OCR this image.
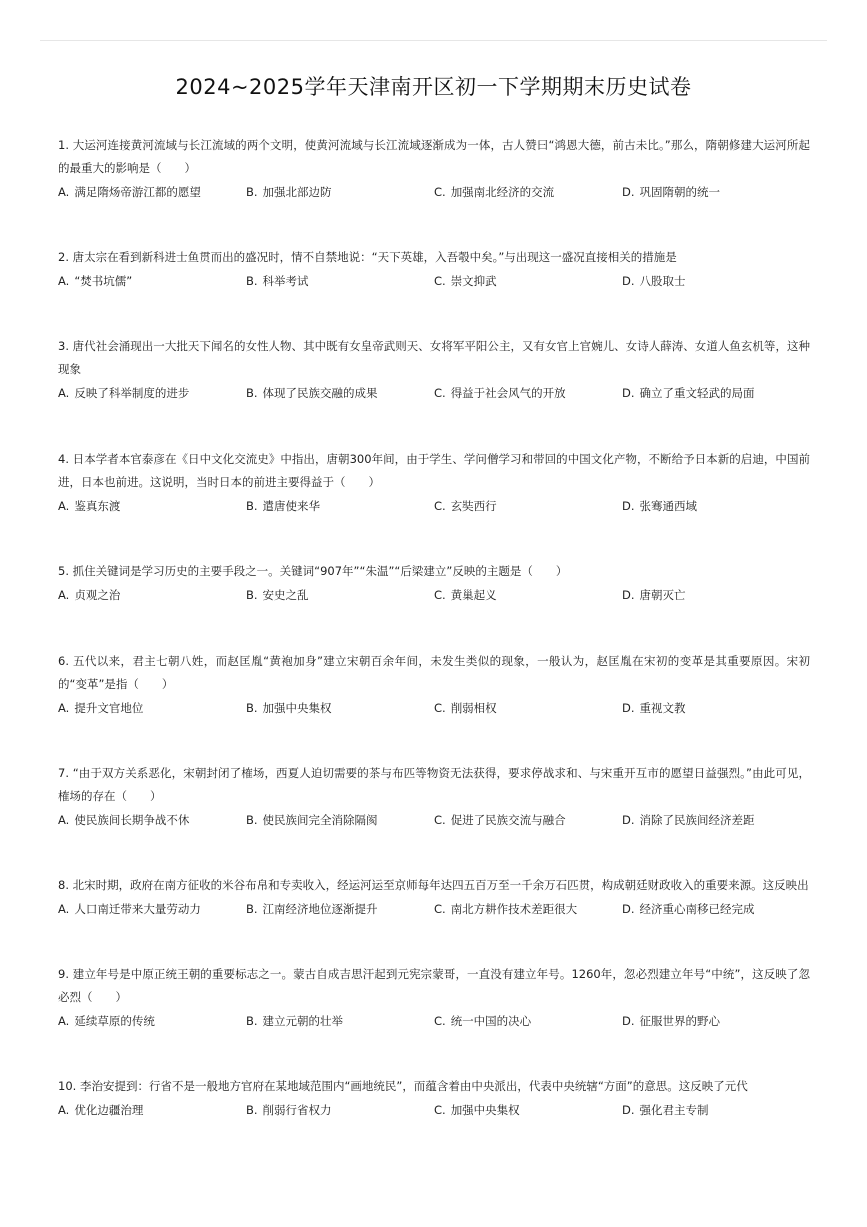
2024~2025学年天津南开区初一下学期期末历史试卷

1. 大运河连接黄河流域与长江流域的两个文明，使黄河流域与长江流域逐渐成为一体，古人赞曰“鸿恩大德，前古未比。”那么，隋朝修建大运河所起的最重大的影响是（　　）

A. 满足隋炀帝游江都的愿望	B. 加强北部边防	C. 加强南北经济的交流	D. 巩固隋朝的统一

2. 唐太宗在看到新科进士鱼贯而出的盛况时，情不自禁地说：“天下英雄，入吾彀中矣。”与出现这一盛况直接相关的措施是

A. “焚书坑儒”	B. 科举考试	C. 崇文抑武	D. 八股取士

3. 唐代社会涌现出一大批天下闻名的女性人物、其中既有女皇帝武则天、女将军平阳公主，又有女官上官婉儿、女诗人薛涛、女道人鱼玄机等，这种现象

A. 反映了科举制度的进步	B. 体现了民族交融的成果	C. 得益于社会风气的开放	D. 确立了重文轻武的局面

4. 日本学者本官泰彦在《日中文化交流史》中指出，唐朝300年间，由于学生、学问僧学习和带回的中国文化产物，不断给予日本新的启迪，中国前进，日本也前进。这说明，当时日本的前进主要得益于（　　）

A. 鉴真东渡	B. 遣唐使来华	C. 玄奘西行	D. 张骞通西域

5. 抓住关键词是学习历史的主要手段之一。关键词“907年”“朱温”“后梁建立”反映的主题是（　　）

A. 贞观之治	B. 安史之乱	C. 黄巢起义	D. 唐朝灭亡

6. 五代以来，君主七朝八姓，而赵匡胤“黄袍加身”建立宋朝百余年间，未发生类似的现象，一般认为，赵匡胤在宋初的变革是其重要原因。宋初的“变革”是指（　　）

A. 提升文官地位	B. 加强中央集权	C. 削弱相权	D. 重视文教

7. “由于双方关系恶化，宋朝封闭了榷场，西夏人迫切需要的茶与布匹等物资无法获得，要求停战求和、与宋重开互市的愿望日益强烈。”由此可见，榷场的存在（　　）

A. 使民族间长期争战不休	B. 使民族间完全消除隔阂	C. 促进了民族交流与融合	D. 消除了民族间经济差距

8. 北宋时期，政府在南方征收的米谷布帛和专卖收入，经运河运至京师每年达四五百万至一千余万石匹贯，构成朝廷财政收入的重要来源。这反映出

A. 人口南迁带来大量劳动力	B. 江南经济地位逐渐提升	C. 南北方耕作技术差距很大	D. 经济重心南移已经完成

9. 建立年号是中原正统王朝的重要标志之一。蒙古自成吉思汗起到元宪宗蒙哥，一直没有建立年号。1260年，忽必烈建立年号“中统”，这反映了忽必烈（　　）

A. 延续草原的传统	B. 建立元朝的壮举	C. 统一中国的决心	D. 征服世界的野心

10. 李治安提到：行省不是一般地方官府在某地域范围内“画地统民”，而蕴含着由中央派出，代表中央统辖“方面”的意思。这反映了元代

A. 优化边疆治理	B. 削弱行省权力	C. 加强中央集权	D. 强化君主专制
